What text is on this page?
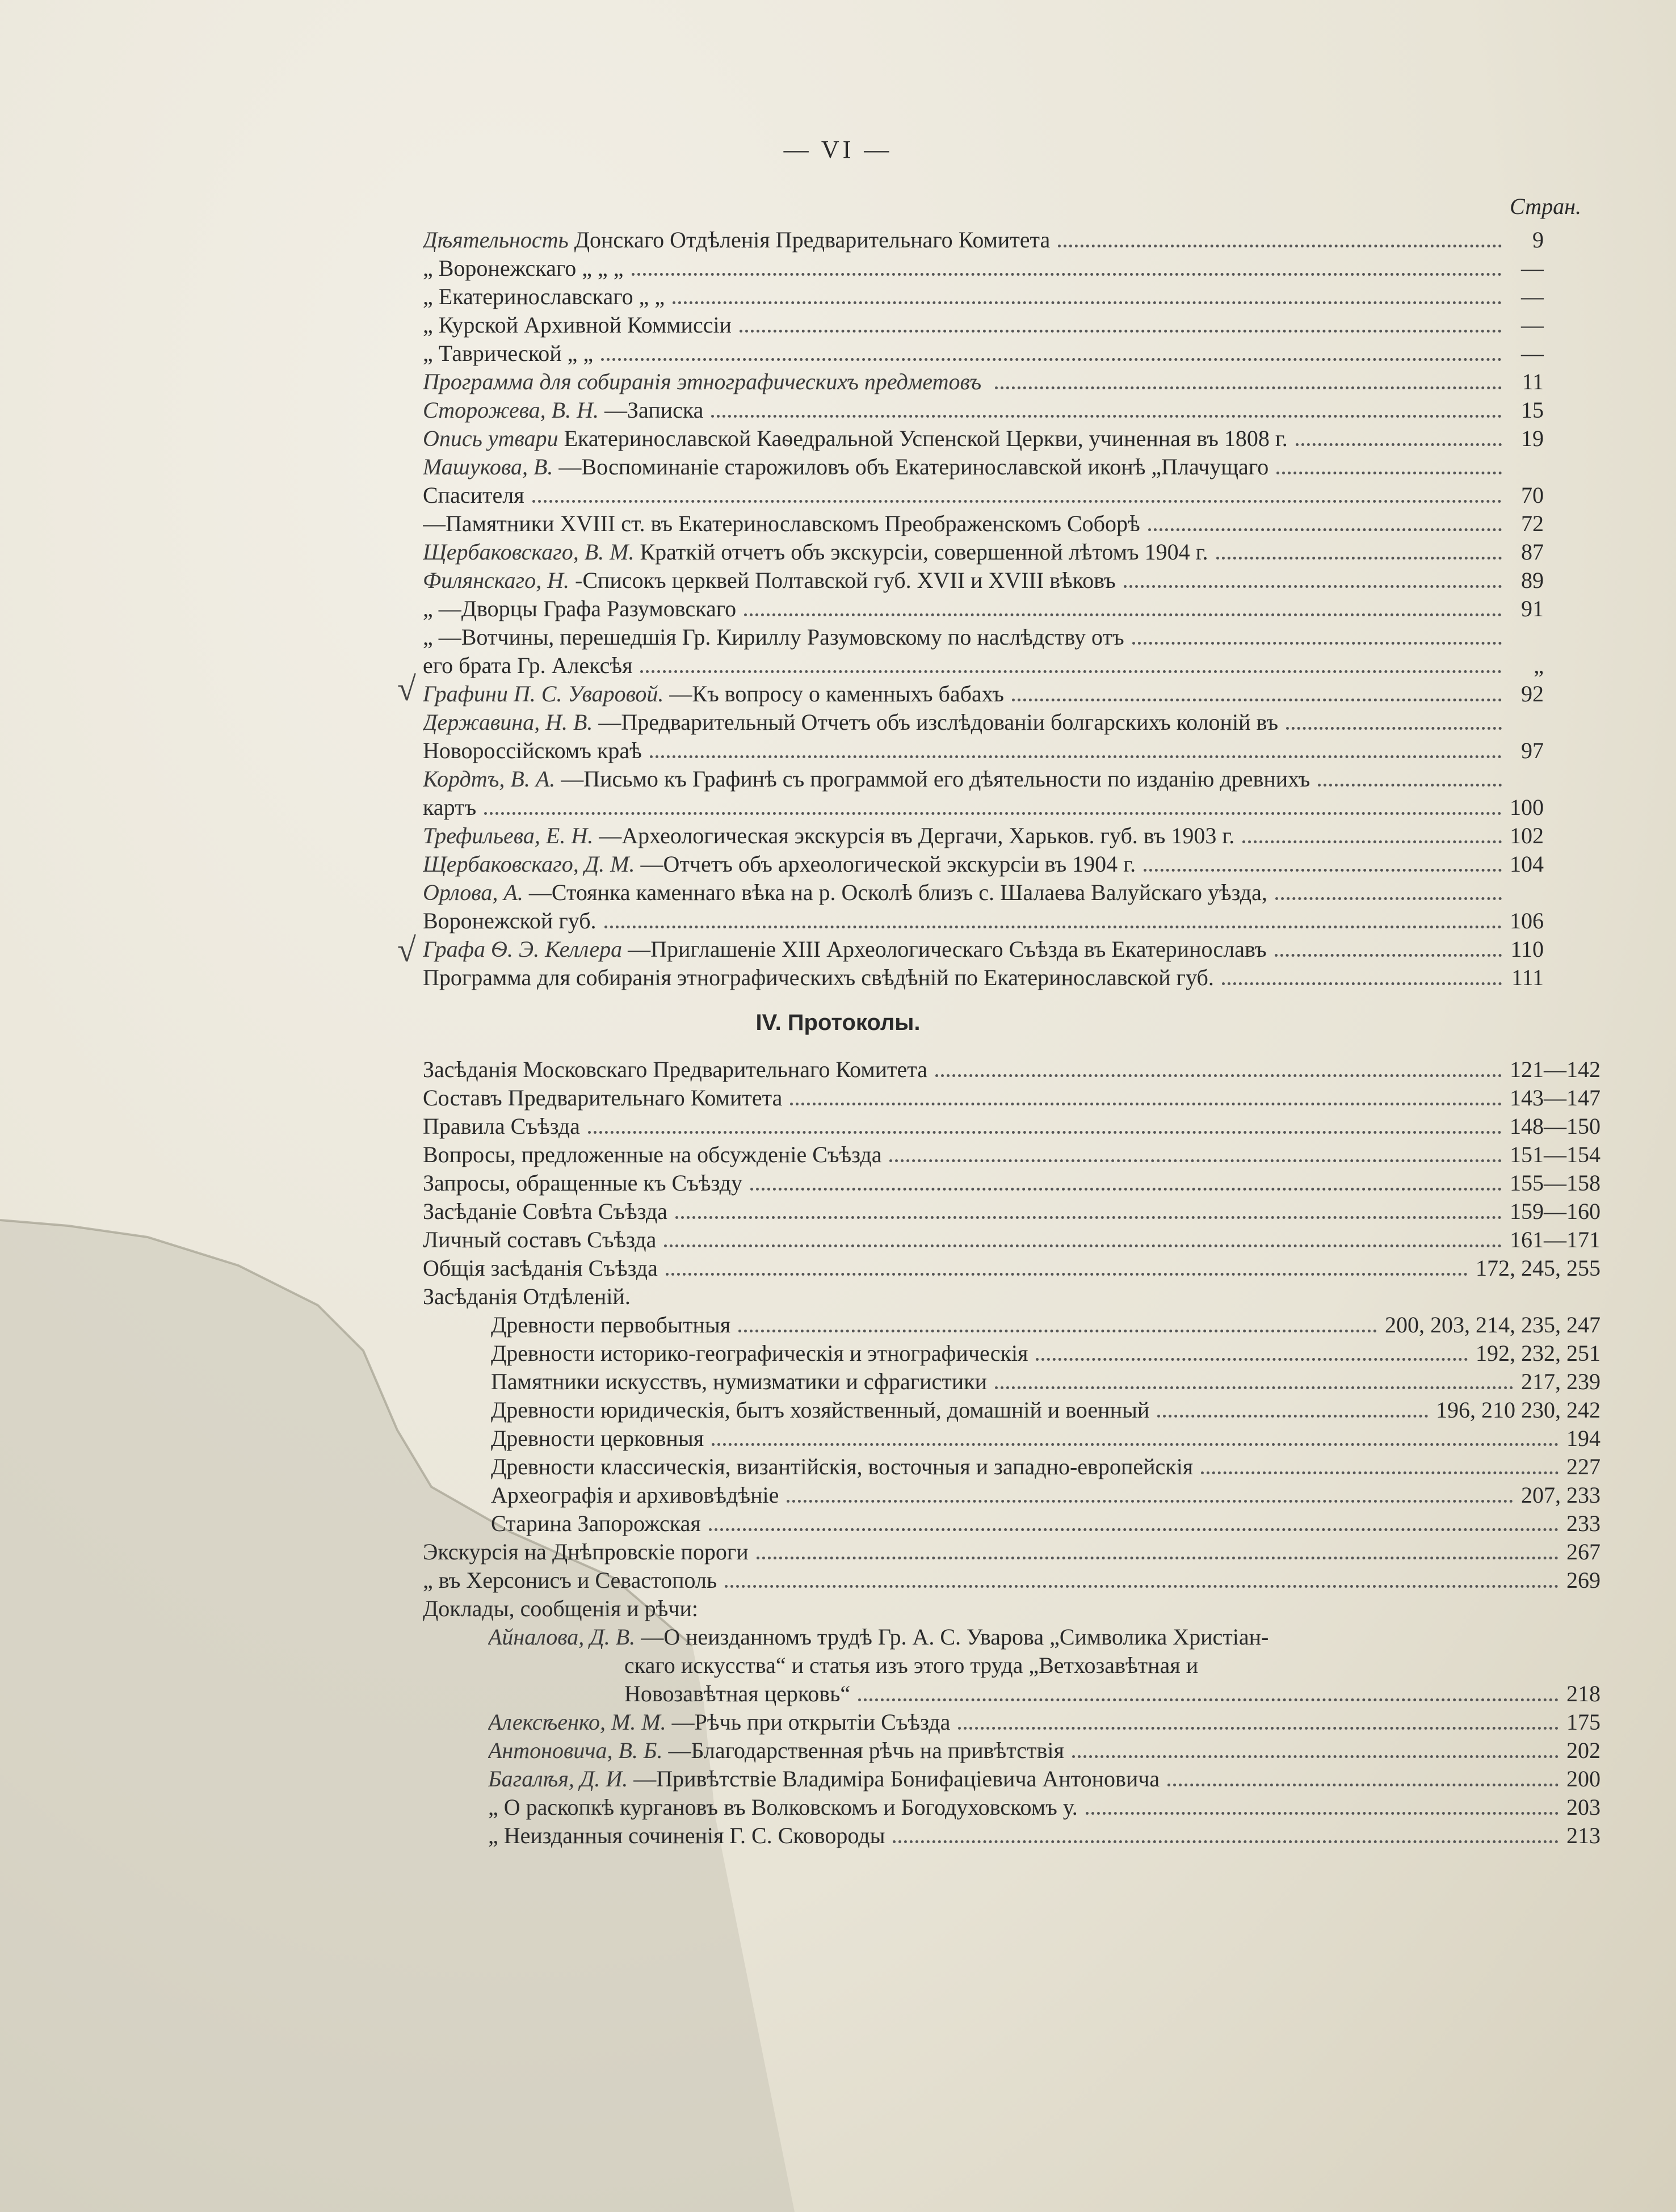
— VI —
Стран.
Дѣятельность Донскаго Отдѣленія Предварительнаго Комитета	9
„ Воронежскаго „ „ „	—
„ Екатеринославскаго „ „	—
„ Курской Архивной Коммиссіи	—
„ Таврической „ „	—
Программа для собиранія этнографическихъ предметовъ	11
Сторожева, В. Н. —Записка	15
Опись утвари Екатеринославской Каѳедральной Успенской Церкви, учиненная въ 1808 г.	19
Машукова, В. —Воспоминаніе старожиловъ объ Екатеринославской иконѣ „Плачущаго
Спасителя	70
—Памятники XVIII ст. въ Екатеринославскомъ Преображенскомъ Соборѣ	72
Щербаковскаго, В. М. Краткій отчетъ объ экскурсіи, совершенной лѣтомъ 1904 г.	87
Филянскаго, Н. -Списокъ церквей Полтавской губ. XVII и XVIII вѣковъ	89
„ —Дворцы Графа Разумовскаго	91
„ —Вотчины, перешедшія Гр. Кириллу Разумовскому по наслѣдству отъ
его брата Гр. Алексѣя	„
Графини П. С. Уваровой. —Къ вопросу о каменныхъ бабахъ	92
Державина, Н. В. —Предварительный Отчетъ объ изслѣдованіи болгарскихъ колоній въ
Новороссійскомъ краѣ	97
Кордтъ, В. А. —Письмо къ Графинѣ съ программой его дѣятельности по изданію древнихъ
картъ	100
Трефильева, Е. Н. —Археологическая экскурсія въ Дергачи, Харьков. губ. въ 1903 г.	102
Щербаковскаго, Д. М. —Отчетъ объ археологической экскурсіи въ 1904 г.	104
Орлова, А. —Стоянка каменнаго вѣка на р. Осколѣ близъ с. Шалаева Валуйскаго уѣзда,
Воронежской губ.	106
Графа Ѳ. Э. Келлера —Приглашеніе XIII Археологическаго Съѣзда въ Екатеринославъ	110
Программа для собиранія этнографическихъ свѣдѣній по Екатеринославской губ.	111
Засѣданія Московскаго Предварительнаго Комитета	121—142
Составъ Предварительнаго Комитета	143—147
Правила Съѣзда	148—150
Вопросы, предложенные на обсужденіе Съѣзда	151—154
Запросы, обращенные къ Съѣзду	155—158
Засѣданіе Совѣта Съѣзда	159—160
Личный составъ Съѣзда	161—171
Общія засѣданія Съѣзда	172, 245, 255
Засѣданія Отдѣленій.
Древности первобытныя	200, 203, 214, 235, 247
Древности историко-географическія и этнографическія	192, 232, 251
Памятники искусствъ, нумизматики и сфрагистики	217, 239
Древности юридическія, бытъ хозяйственный, домашній и военный	196, 210 230, 242
Древности церковныя	194
Древности классическія, византійскія, восточныя и западно-европейскія	227
Археографія и архивовѣдѣніе	207, 233
Старина Запорожская	233
Экскурсія на Днѣпровскіе пороги	267
„ въ Херсонисъ и Севастополь	269
Доклады, сообщенія и рѣчи:
Айналова, Д. В. —О неизданномъ трудѣ Гр. А. С. Уварова „Символика Христіан-
скаго искусства“ и статья изъ этого труда „Ветхозавѣтная и
Новозавѣтная церковь“	218
Алексѣенко, М. М. —Рѣчь при открытіи Съѣзда	175
Антоновича, В. Б. —Благодарственная рѣчь на привѣтствія	202
Багалѣя, Д. И. —Привѣтствіе Владиміра Бонифаціевича Антоновича	200
„ О раскопкѣ кургановъ въ Волковскомъ и Богодуховскомъ у.	203
„ Неизданныя сочиненія Г. С. Сковороды	213
IV. Протоколы.
√
√
